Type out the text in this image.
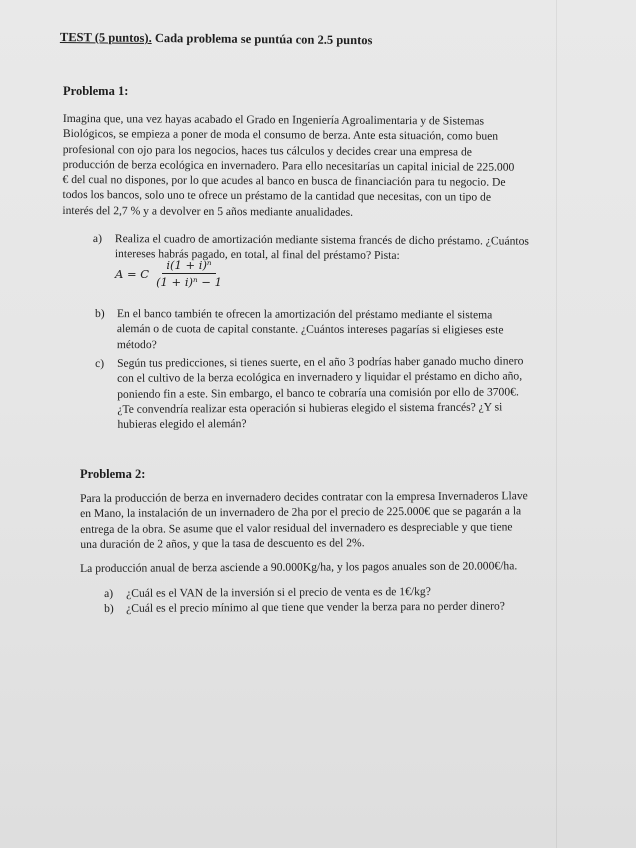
TEST (5 puntos). Cada problema se puntúa con 2.5 puntos
Problema 1:
Imagina que, una vez hayas acabado el Grado en Ingeniería Agroalimentaria y de Sistemas
Biológicos, se empieza a poner de moda el consumo de berza. Ante esta situación, como buen
profesional con ojo para los negocios, haces tus cálculos y decides crear una empresa de
producción de berza ecológica en invernadero. Para ello necesitarías un capital inicial de 225.000
€ del cual no dispones, por lo que acudes al banco en busca de financiación para tu negocio. De
todos los bancos, solo uno te ofrece un préstamo de la cantidad que necesitas, con un tipo de
interés del 2,7 % y a devolver en 5 años mediante anualidades.
a) Realiza el cuadro de amortización mediante sistema francés de dicho préstamo. ¿Cuántos
intereses habrás pagado, en total, al final del préstamo? Pista:
A = C $\frac{\text{i(1 + i)ⁿ}}{\text{(1 + i)ⁿ − 1}}$
b) En el banco también te ofrecen la amortización del préstamo mediante el sistema
alemán o de cuota de capital constante. ¿Cuántos intereses pagarías si eligieses este
método?
c) Según tus predicciones, si tienes suerte, en el año 3 podrías haber ganado mucho dinero
con el cultivo de la berza ecológica en invernadero y liquidar el préstamo en dicho año,
poniendo fin a este. Sin embargo, el banco te cobraría una comisión por ello de 3700€.
¿Te convendría realizar esta operación si hubieras elegido el sistema francés? ¿Y si
hubieras elegido el alemán?
Problema 2:
Para la producción de berza en invernadero decides contratar con la empresa Invernaderos Llave
en Mano, la instalación de un invernadero de 2ha por el precio de 225.000€ que se pagarán a la
entrega de la obra. Se asume que el valor residual del invernadero es despreciable y que tiene
una duración de 2 años, y que la tasa de descuento es del 2%.
La producción anual de berza asciende a 90.000Kg/ha, y los pagos anuales son de 20.000€/ha.
a) ¿Cuál es el VAN de la inversión si el precio de venta es de 1€/kg?
b) ¿Cuál es el precio mínimo al que tiene que vender la berza para no perder dinero?
